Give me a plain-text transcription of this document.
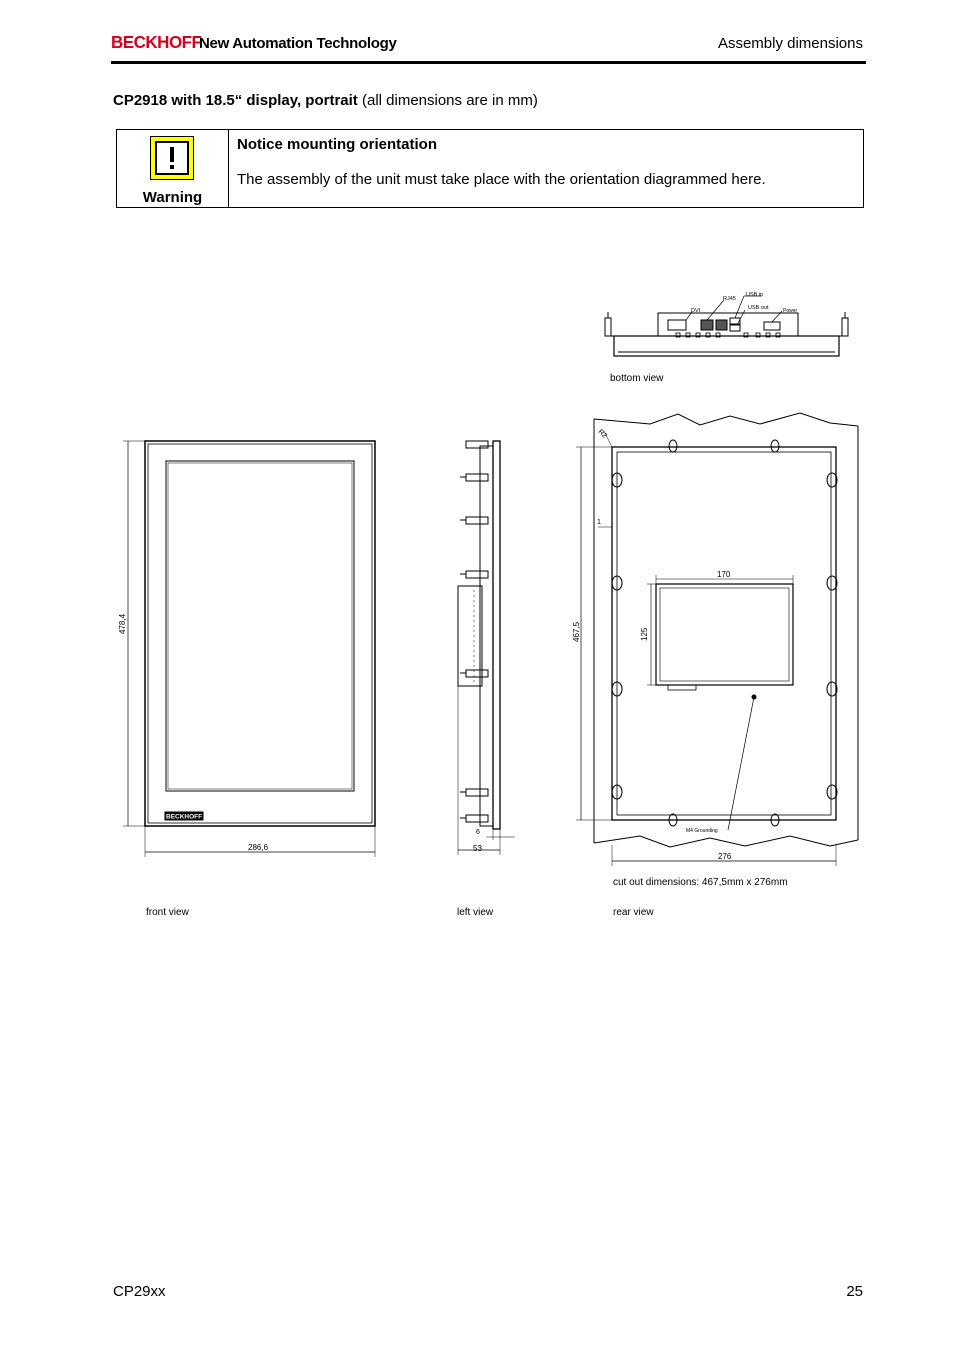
BECKHOFF
New Automation Technology	Assembly dimensions
CP2918 with 18.5“ display, portrait (all dimensions are in mm)
Warning
Notice mounting orientation
The assembly of the unit must take place with the orientation diagrammed here.
DVI
RJ45
USB in
USB out	Power
bottom view
286,6
478,4
BECKHOFF
front view
53
6
left view
R2
1
467,5
170
125
M4 Grounding
276
cut out dimensions: 467,5mm x 276mm
rear view
CP29xx	25
